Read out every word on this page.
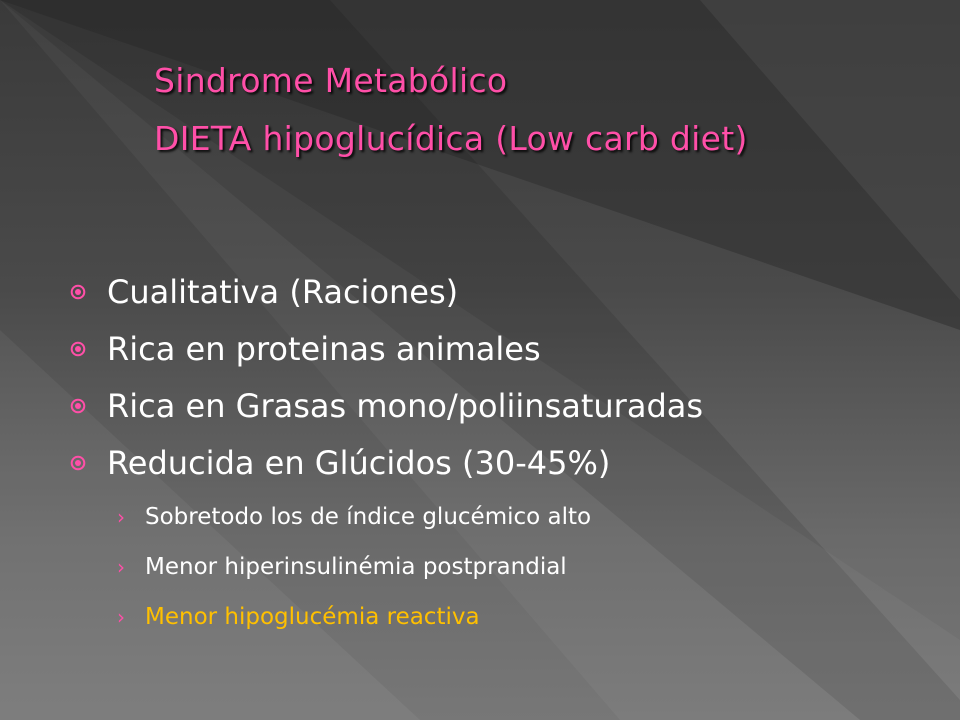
Sindrome Metabólico
DIETA hipoglucídica (Low carb diet)
Cualitativa (Raciones)
Rica en proteinas animales
Rica en Grasas mono/poliinsaturadas
Reducida en Glúcidos (30-45%)
› Sobretodo los de índice glucémico alto
› Menor hiperinsulinémia postprandial
› Menor hipoglucémia reactiva
